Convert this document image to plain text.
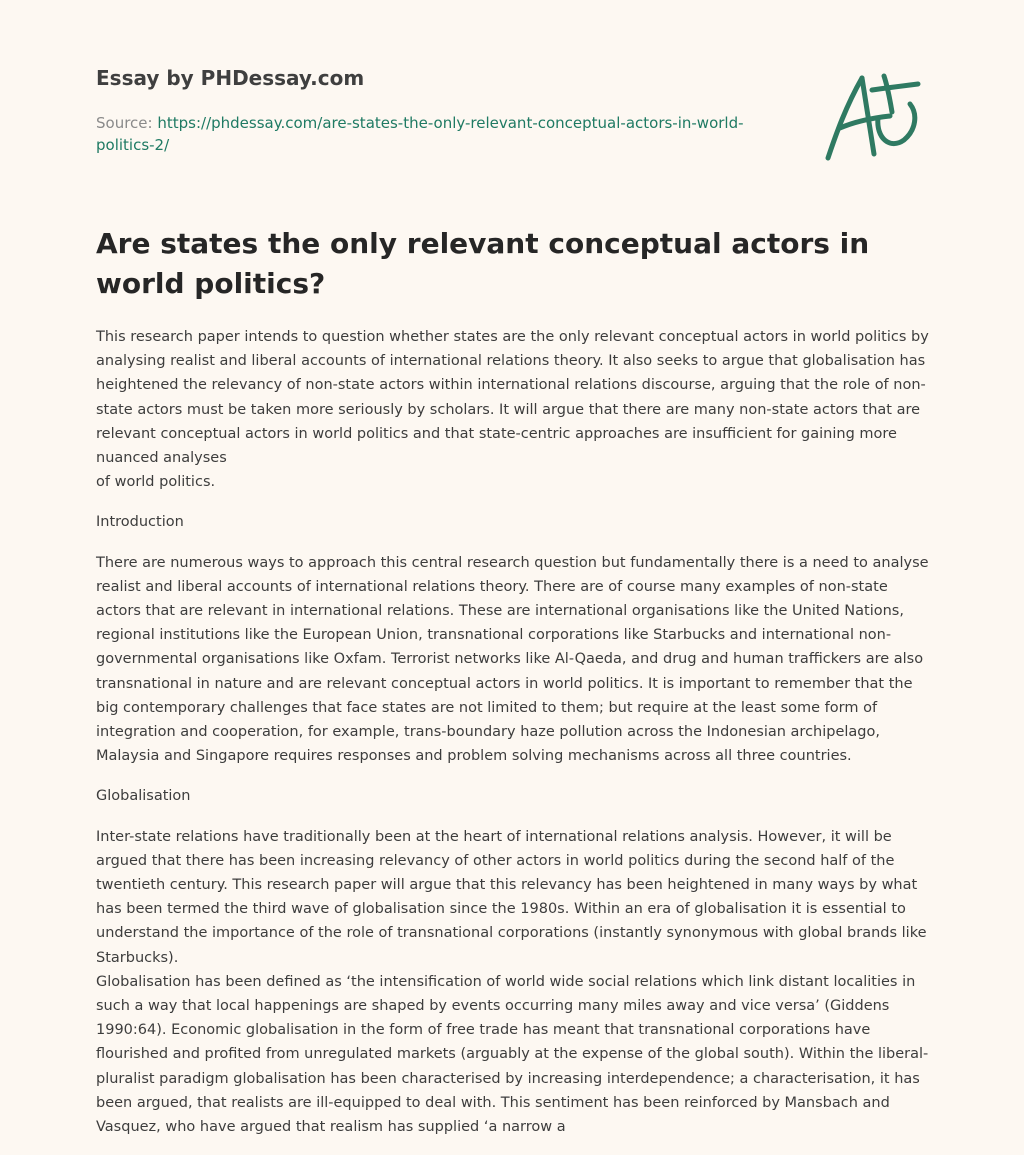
Essay by PHDessay.com

Source: https://phdessay.com/are-states-the-only-relevant-conceptual-actors-in-world-politics-2/

Are states the only relevant conceptual actors in world politics?

This research paper intends to question whether states are the only relevant conceptual actors in world politics by analysing realist and liberal accounts of international relations theory. It also seeks to argue that globalisation has heightened the relevancy of non-state actors within international relations discourse, arguing that the role of non-state actors must be taken more seriously by scholars. It will argue that there are many non-state actors that are relevant conceptual actors in world politics and that state-centric approaches are insufficient for gaining more nuanced analyses

of world politics.

Introduction

There are numerous ways to approach this central research question but fundamentally there is a need to analyse realist and liberal accounts of international relations theory. There are of course many examples of non-state actors that are relevant in international relations. These are international organisations like the United Nations, regional institutions like the European Union, transnational corporations like Starbucks and international non-governmental organisations like Oxfam. Terrorist networks like Al-Qaeda, and drug and human traffickers are also transnational in nature and are relevant conceptual actors in world politics. It is important to remember that the big contemporary challenges that face states are not limited to them; but require at the least some form of integration and cooperation, for example, trans-boundary haze pollution across the Indonesian archipelago, Malaysia and Singapore requires responses and problem solving mechanisms across all three countries.

Globalisation

Inter-state relations have traditionally been at the heart of international relations analysis. However, it will be argued that there has been increasing relevancy of other actors in world politics during the second half of the twentieth century. This research paper will argue that this relevancy has been heightened in many ways by what has been termed the third wave of globalisation since the 1980s. Within an era of globalisation it is essential to understand the importance of the role of transnational corporations (instantly synonymous with global brands like Starbucks).

Globalisation has been defined as ‘the intensification of world wide social relations which link distant localities in such a way that local happenings are shaped by events occurring many miles away and vice versa’ (Giddens 1990:64). Economic globalisation in the form of free trade has meant that transnational corporations have flourished and profited from unregulated markets (arguably at the expense of the global south). Within the liberal-pluralist paradigm globalisation has been characterised by increasing interdependence; a characterisation, it has been argued, that realists are ill-equipped to deal with. This sentiment has been reinforced by Mansbach and Vasquez, who have argued that realism has supplied ‘a narrow a
